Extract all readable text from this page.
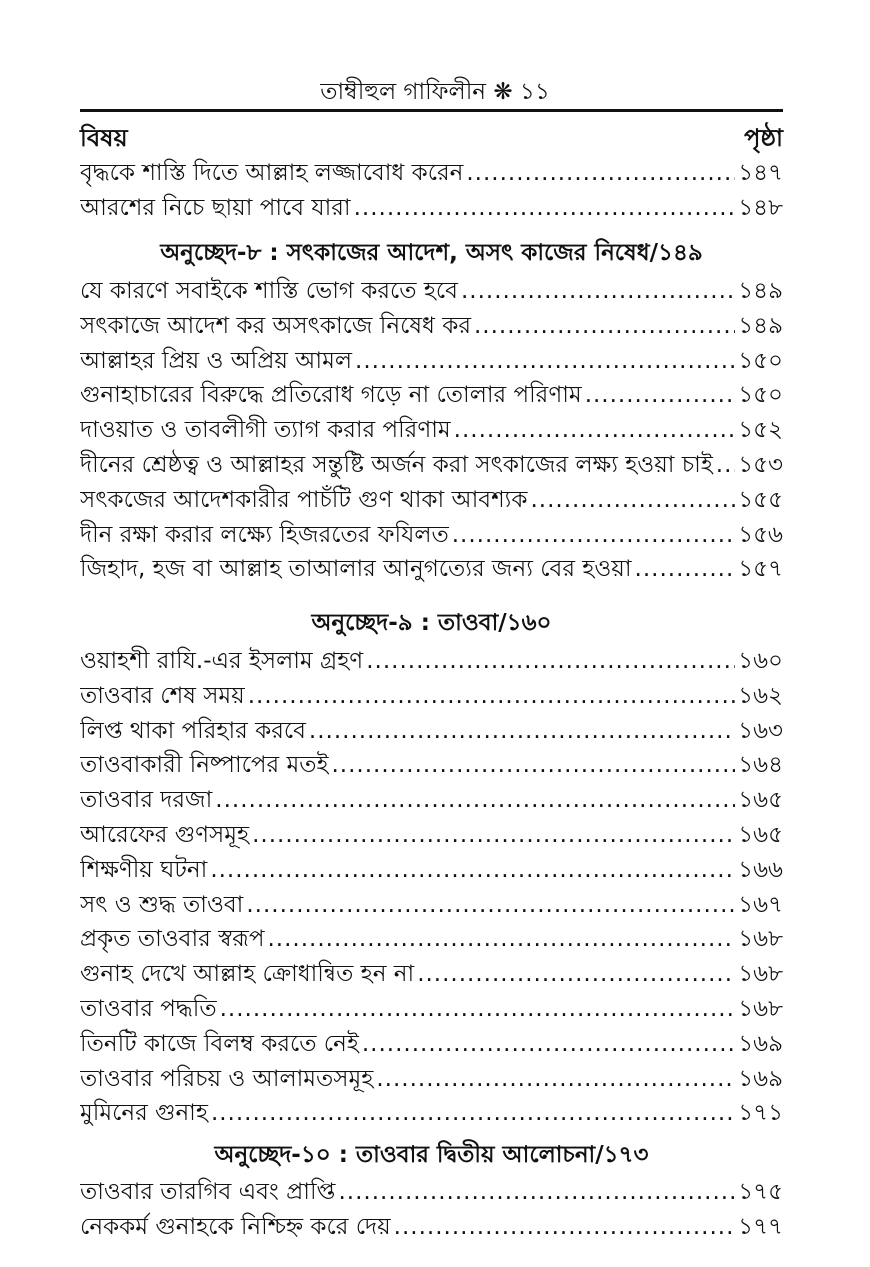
তাম্বীহুল গাফিলীন ❋ ১১
বিষয়	পৃষ্ঠা
বৃদ্ধকে শাস্তি দিতে আল্লাহ লজ্জাবোধ করেন .....	১৪৭
আরশের নিচে ছায়া পাবে যারা .....	১৪৮
অনুচ্ছেদ-৮ : সৎকাজের আদেশ, অসৎ কাজের নিষেধ/১৪৯
যে কারণে সবাইকে শাস্তি ভোগ করতে হবে .....	১৪৯
সৎকাজে আদেশ কর অসৎকাজে নিষেধ কর .....	১৪৯
আল্লাহর প্রিয় ও অপ্রিয় আমল .....	১৫০
গুনাহাচারের বিরুদ্ধে প্রতিরোধ গড়ে না তোলার পরিণাম .....	১৫০
দাওয়াত ও তাবলীগী ত্যাগ করার পরিণাম .....	১৫২
দীনের শ্রেষ্ঠত্ব ও আল্লাহর সন্তুষ্টি অর্জন করা সৎকাজের লক্ষ্য হওয়া চাই ..... ১৫৩
সৎকজের আদেশকারীর পাচঁটি গুণ থাকা আবশ্যক .....	১৫৫
দীন রক্ষা করার লক্ষ্যে হিজরতের ফযিলত .....	১৫৬
জিহাদ, হজ বা আল্লাহ তাআলার আনুগত্যের জন্য বের হওয়া .....	১৫৭
অনুচ্ছেদ-৯ : তাওবা/১৬০
ওয়াহশী রাযি.-এর ইসলাম গ্রহণ .....	১৬০
তাওবার শেষ সময় .....	১৬২
লিপ্ত থাকা পরিহার করবে .....	১৬৩
তাওবাকারী নিষ্পাপের মতই .....	১৬৪
তাওবার দরজা .....	১৬৫
আরেফের গুণসমূহ .....	১৬৫
শিক্ষণীয় ঘটনা .....	১৬৬
সৎ ও শুদ্ধ তাওবা .....	১৬৭
প্রকৃত তাওবার স্বরূপ .....	১৬৮
গুনাহ দেখে আল্লাহ ক্রোধান্বিত হন না .....	১৬৮
তাওবার পদ্ধতি .....	১৬৮
তিনটি কাজে বিলম্ব করতে নেই .....	১৬৯
তাওবার পরিচয় ও আলামতসমূহ .....	১৬৯
মুমিনের গুনাহ .....	১৭১
অনুচ্ছেদ-১০ : তাওবার দ্বিতীয় আলোচনা/১৭৩
তাওবার তারগিব এবং প্রাপ্তি .....	১৭৫
নেককর্ম গুনাহকে নিশ্চিহ্ন করে দেয় .....	১৭৭
